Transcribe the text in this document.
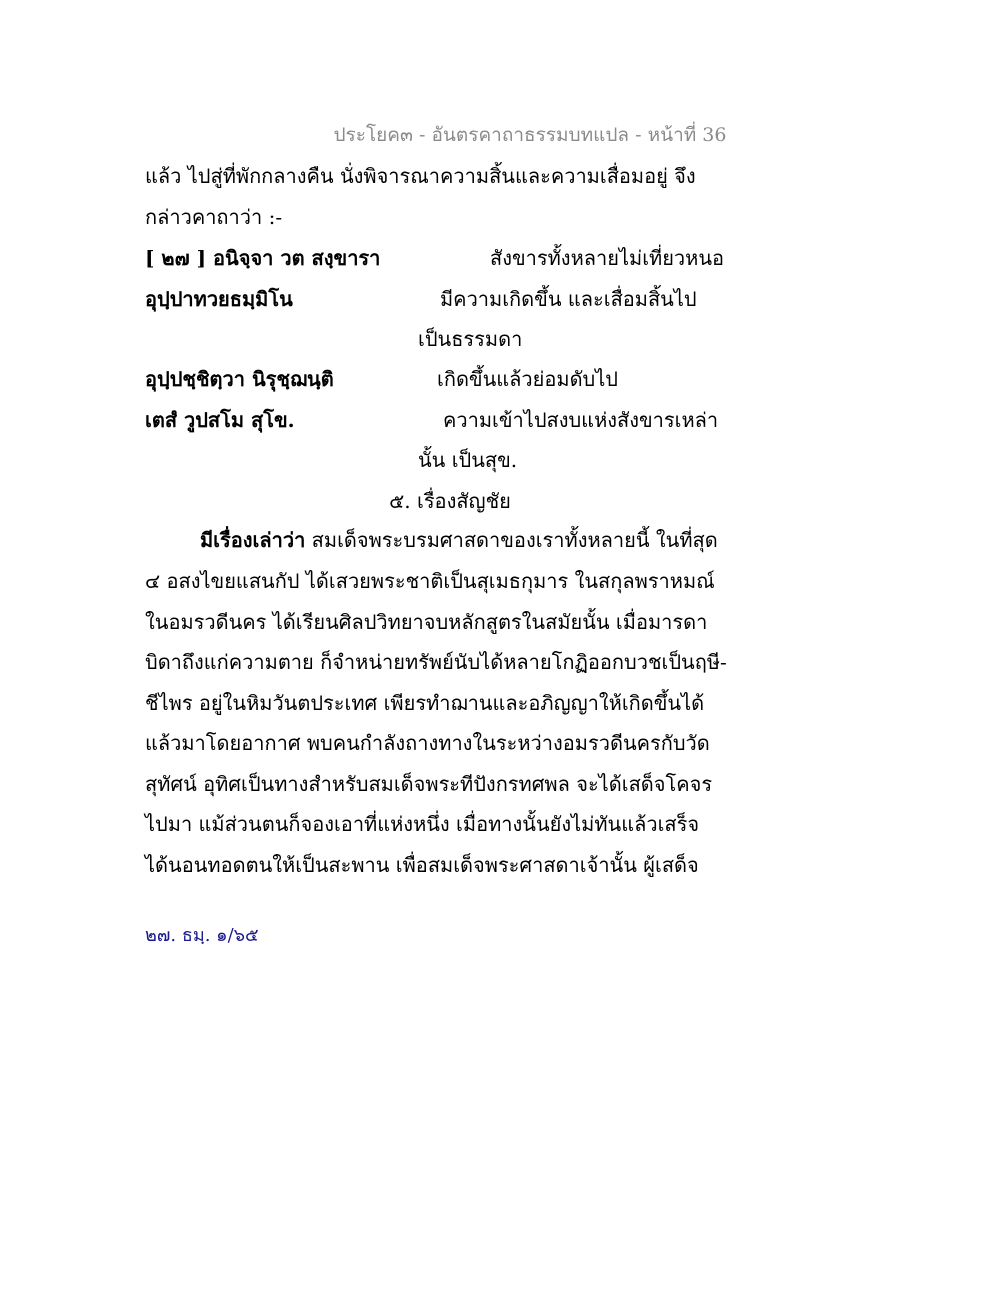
ประโยค๓ - อันตรคาถาธรรมบทแปล - หน้าที่ 36
แล้ว ไปสู่ที่พักกลางคืน นั่งพิจารณาความสิ้นและความเสื่อมอยู่ จึง
กล่าวคาถาว่า :-
[ ๒๗ ] อนิจฺจา วต สงฺขารา	สังขารทั้งหลายไม่เที่ยวหนอ
อุปฺปาทวยธมฺมิโน	มีความเกิดขึ้น และเสื่อมสิ้นไป
เป็นธรรมดา
อุปฺปชฺชิตฺวา นิรุชฺฌนฺติ	เกิดขึ้นแล้วย่อมดับไป
เตสํ วูปสโม สุโข.	ความเข้าไปสงบแห่งสังขารเหล่า
นั้น เป็นสุข.
๕. เรื่องสัญชัย
มีเรื่องเล่าว่า สมเด็จพระบรมศาสดาของเราทั้งหลายนี้ ในที่สุด
๔ อสงไขยแสนกัป ได้เสวยพระชาติเป็นสุเมธกุมาร ในสกุลพราหมณ์
ในอมรวดีนคร ได้เรียนศิลปวิทยาจบหลักสูตรในสมัยนั้น เมื่อมารดา
บิดาถึงแก่ความตาย ก็จำหน่ายทรัพย์นับได้หลายโกฏิออกบวชเป็นฤษี-
ชีไพร อยู่ในหิมวันตประเทศ เพียรทำฌานและอภิญญาให้เกิดขึ้นได้
แล้วมาโดยอากาศ พบคนกำลังถางทางในระหว่างอมรวดีนครกับวัด
สุทัศน์ อุทิศเป็นทางสำหรับสมเด็จพระทีปังกรทศพล จะได้เสด็จโคจร
ไปมา แม้ส่วนตนก็จองเอาที่แห่งหนึ่ง เมื่อทางนั้นยังไม่ทันแล้วเสร็จ
ได้นอนทอดตนให้เป็นสะพาน เพื่อสมเด็จพระศาสดาเจ้านั้น ผู้เสด็จ
๒๗. ธมฺ. ๑/๖๕
